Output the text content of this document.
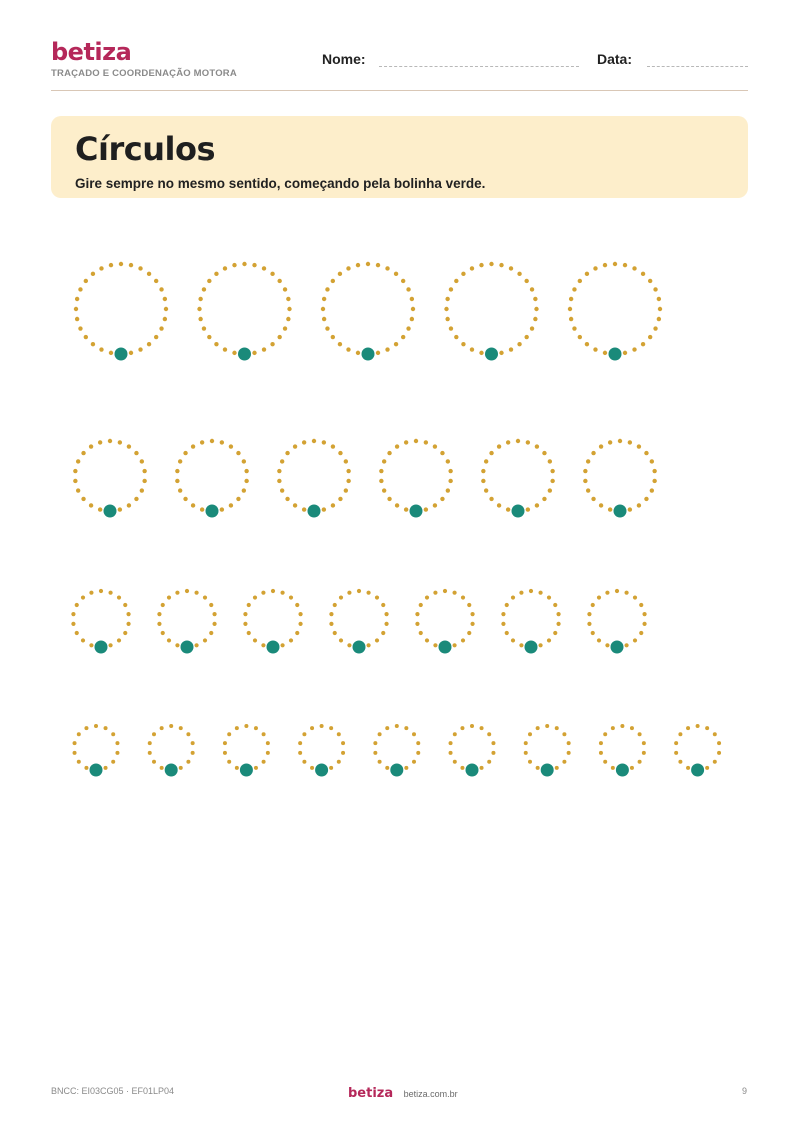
betiza
TRAÇADO E COORDENAÇÃO MOTORA
Nome:	Data:
Círculos
Gire sempre no mesmo sentido, começando pela bolinha verde.
BNCC: EI03CG05 · EF01LP04	betiza betiza.com.br	9
